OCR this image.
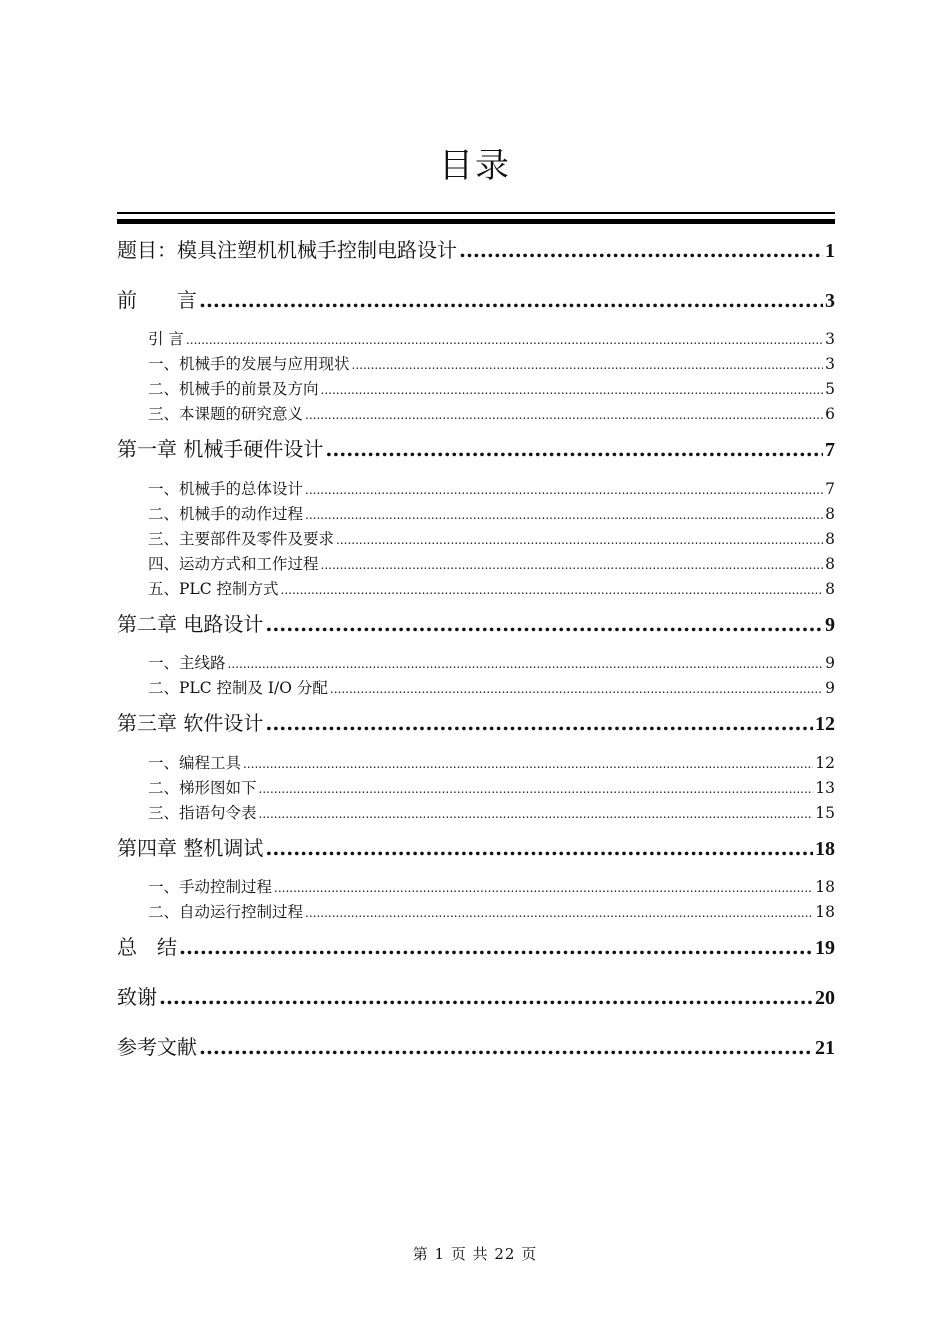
目录
题目：模具注塑机机械手控制电路设计 .....	1
前　　言 .....	3
引 言 .....	3
一、机械手的发展与应用现状 .....	3
二、机械手的前景及方向 .....	5
三、本课题的研究意义 .....	6
第一章 机械手硬件设计 .....	7
一、机械手的总体设计 .....	7
二、机械手的动作过程 .....	8
三、主要部件及零件及要求 .....	8
四、运动方式和工作过程 .....	8
五、PLC 控制方式 .....	8
第二章 电路设计 .....	9
一、主线路 .....	9
二、PLC 控制及 I/O 分配 .....	9
第三章 软件设计 .....	12
一、编程工具 .....	12
二、梯形图如下 .....	13
三、指语句令表 .....	15
第四章 整机调试 .....	18
一、手动控制过程 .....	18
二、自动运行控制过程 .....	18
总　结 .....	19
致谢 .....	20
参考文献 .....	21
第 1 页 共 22 页
